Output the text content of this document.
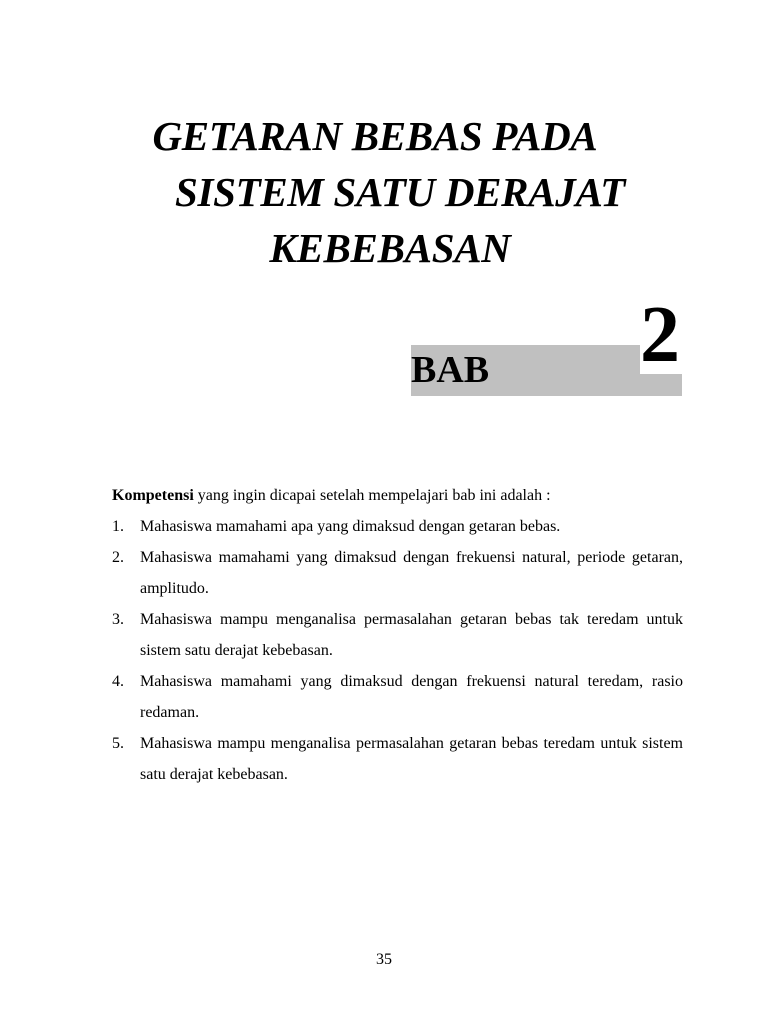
GETARAN BEBAS PADA
SISTEM SATU DERAJAT
KEBEBASAN
BAB 2

Kompetensi yang ingin dicapai setelah mempelajari bab ini adalah :

1. Mahasiswa mamahami apa yang dimaksud dengan getaran bebas.
2. Mahasiswa mamahami yang dimaksud dengan frekuensi natural, periode getaran, amplitudo.
3. Mahasiswa mampu menganalisa permasalahan getaran bebas tak teredam untuk sistem satu derajat kebebasan.
4. Mahasiswa mamahami yang dimaksud dengan frekuensi natural teredam, rasio redaman.
5. Mahasiswa mampu menganalisa permasalahan getaran bebas teredam untuk sistem satu derajat kebebasan.
35
